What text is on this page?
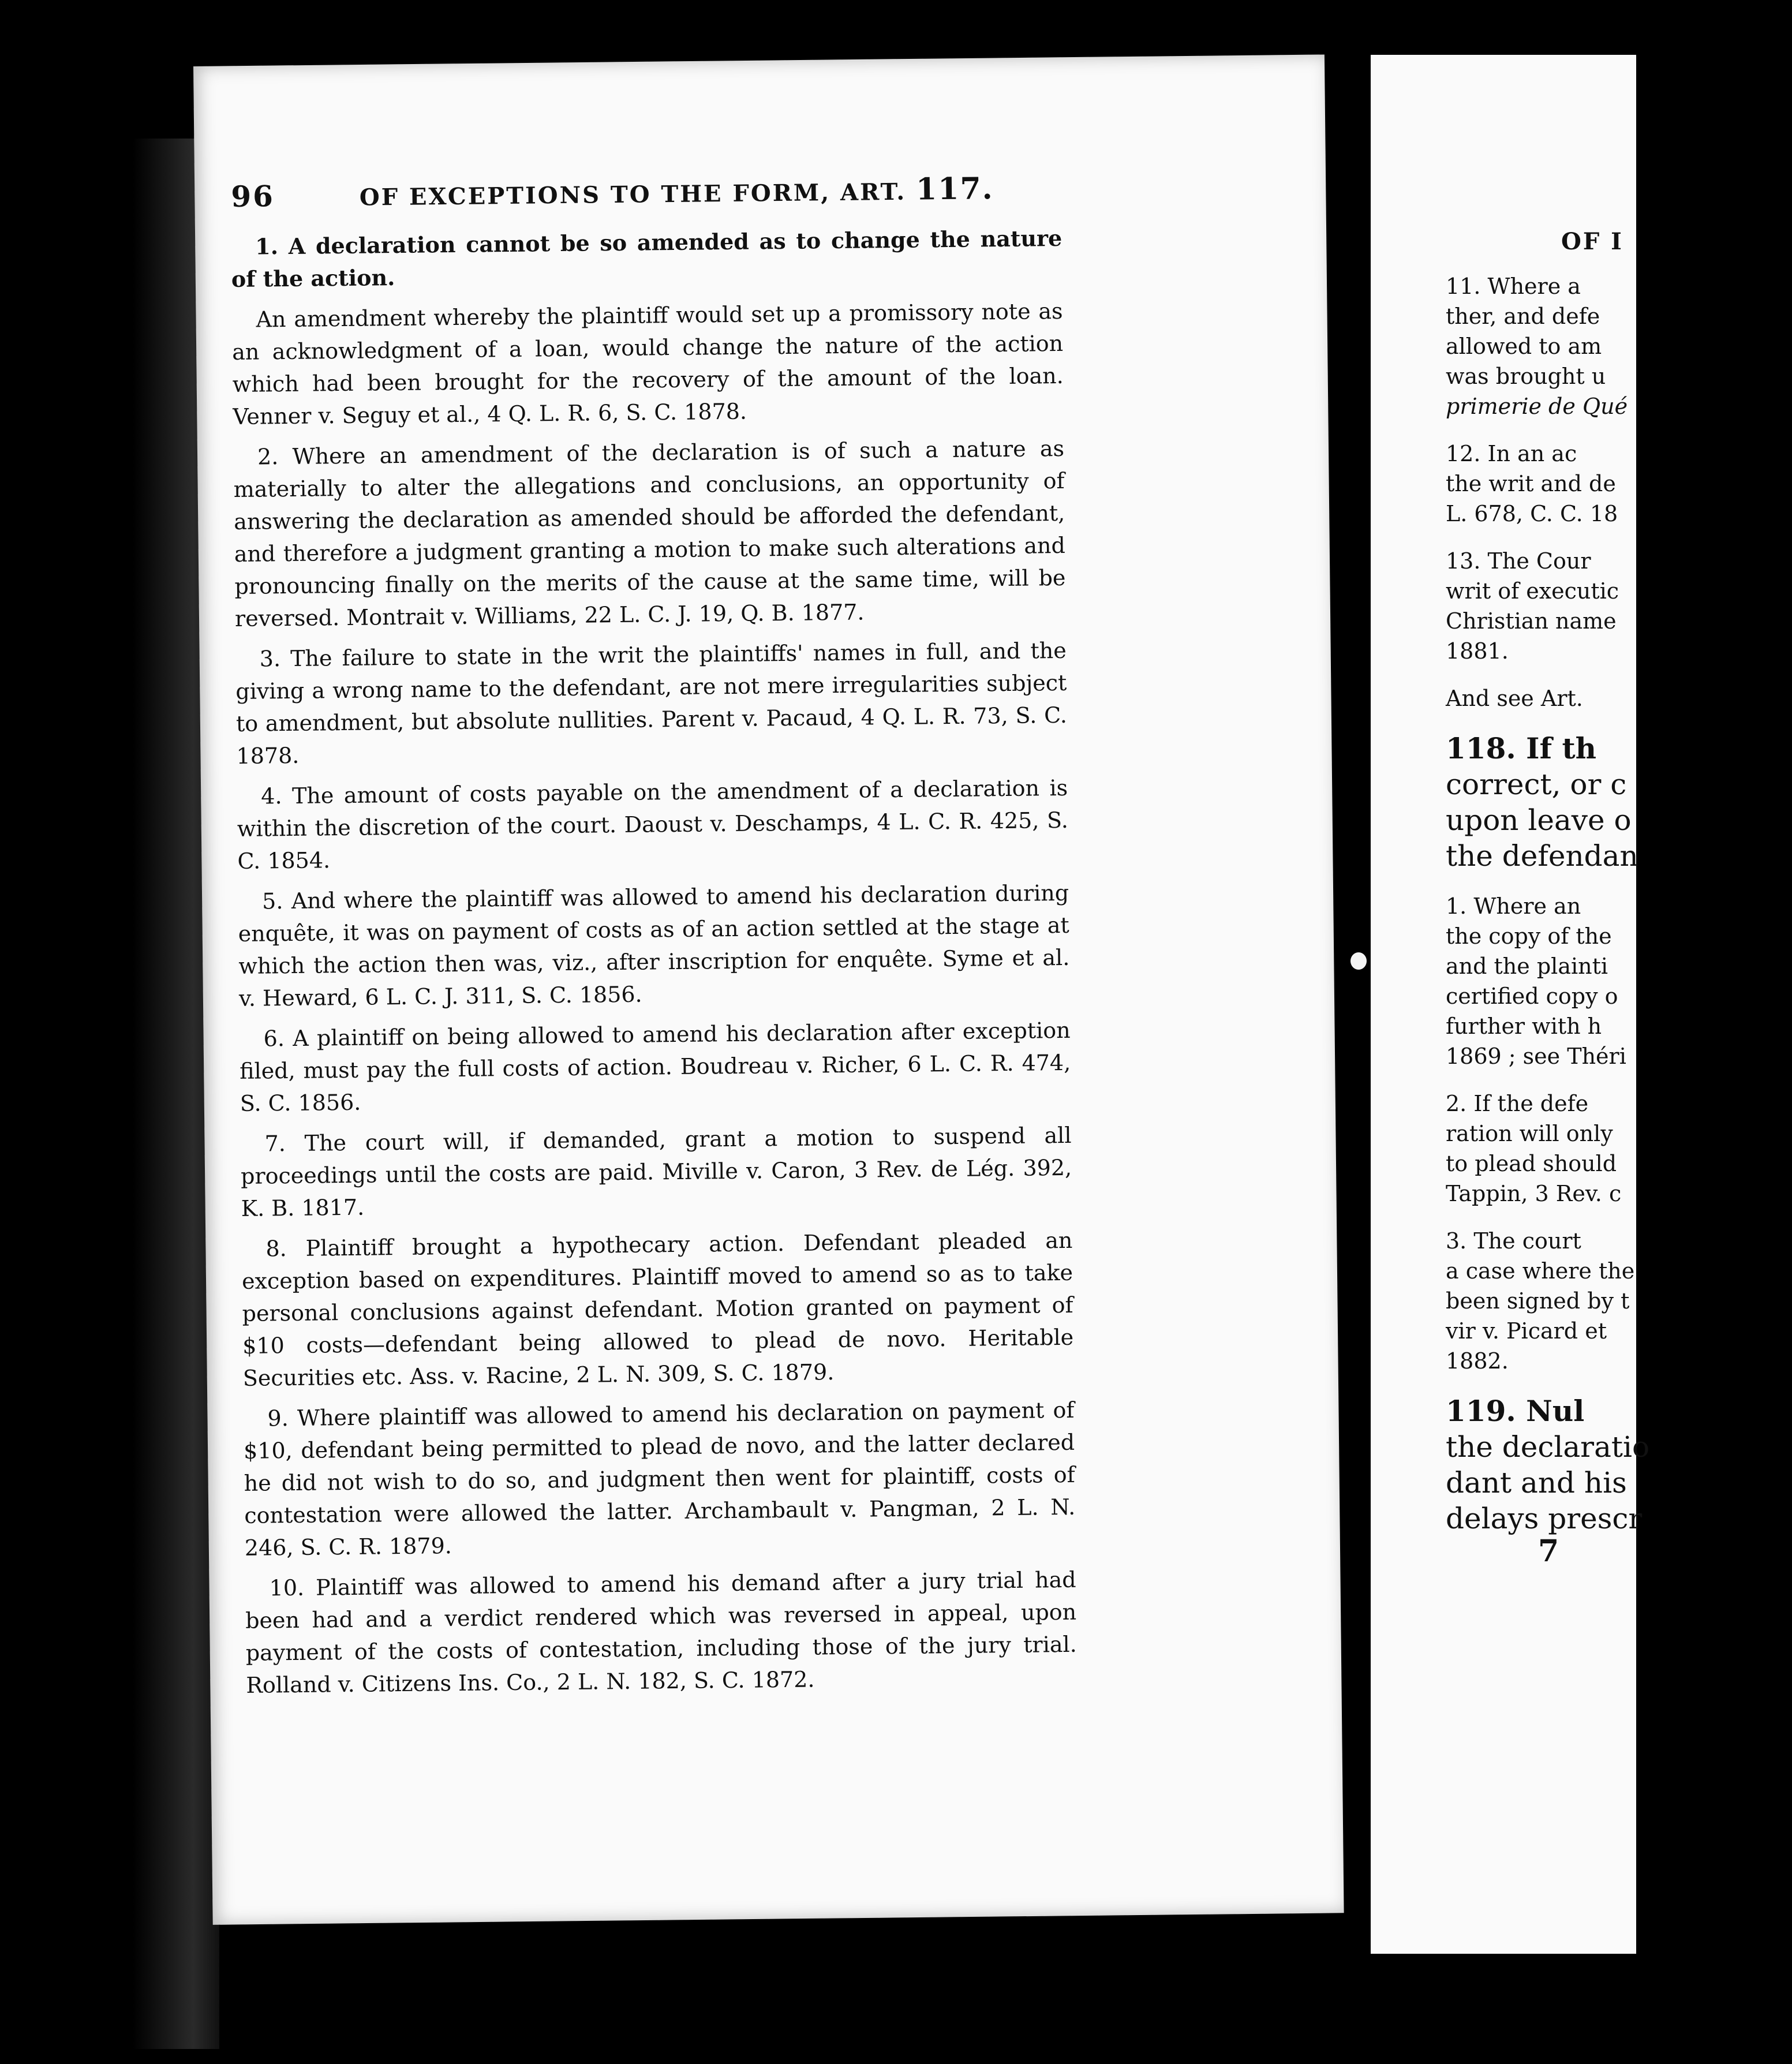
96	OF EXCEPTIONS TO THE FORM, ART. 117.

1. A declaration cannot be so amended as to change the nature of the action.

An amendment whereby the plaintiff would set up a promissory note as an acknowledgment of a loan, would change the nature of the action which had been brought for the recovery of the amount of the loan. Venner v. Seguy et al., 4 Q. L. R. 6, S. C. 1878.

2. Where an amendment of the declaration is of such a nature as materially to alter the allegations and conclusions, an opportunity of answering the declaration as amended should be afforded the defendant, and therefore a judgment granting a motion to make such alterations and pronouncing finally on the merits of the cause at the same time, will be reversed. Montrait v. Williams, 22 L. C. J. 19, Q. B. 1877.

3. The failure to state in the writ the plaintiffs' names in full, and the giving a wrong name to the defendant, are not mere irregularities subject to amendment, but absolute nullities. Parent v. Pacaud, 4 Q. L. R. 73, S. C. 1878.

4. The amount of costs payable on the amendment of a declaration is within the discretion of the court. Daoust v. Deschamps, 4 L. C. R. 425, S. C. 1854.

5. And where the plaintiff was allowed to amend his declaration during enquête, it was on payment of costs as of an action settled at the stage at which the action then was, viz., after inscription for enquête. Syme et al. v. Heward, 6 L. C. J. 311, S. C. 1856.

6. A plaintiff on being allowed to amend his declaration after exception filed, must pay the full costs of action. Boudreau v. Richer, 6 L. C. R. 474, S. C. 1856.

7. The court will, if demanded, grant a motion to suspend all proceedings until the costs are paid. Miville v. Caron, 3 Rev. de Lég. 392, K. B. 1817.

8. Plaintiff brought a hypothecary action. Defendant pleaded an exception based on expenditures. Plaintiff moved to amend so as to take personal conclusions against defendant. Motion granted on payment of $10 costs—defendant being allowed to plead de novo. Heritable Securities etc. Ass. v. Racine, 2 L. N. 309, S. C. 1879.

9. Where plaintiff was allowed to amend his declaration on payment of $10, defendant being permitted to plead de novo, and the latter declared he did not wish to do so, and judgment then went for plaintiff, costs of contestation were allowed the latter. Archambault v. Pangman, 2 L. N. 246, S. C. R. 1879.

10. Plaintiff was allowed to amend his demand after a jury trial had been had and a verdict rendered which was reversed in appeal, upon payment of the costs of contestation, including those of the jury trial. Rolland v. Citizens Ins. Co., 2 L. N. 182, S. C. 1872.

OF I
11. Where a
ther, and defe
allowed to am
was brought u
primerie de Qué
12. In an ac
the writ and de
L. 678, C. C. 18
13. The Cour
writ of executic
Christian name
1881.
And see Art.
118. If th
correct, or c
upon leave o
the defendan
1. Where an
the copy of the
and the plainti
certified copy o
further with h
1869 ; see Théri
2. If the defe
ration will only
to plead should
Tappin, 3 Rev. c
3. The court
a case where the
been signed by t
vir v. Picard et
1882.
119. Nul
the declaratio
dant and his
delays prescr
7
